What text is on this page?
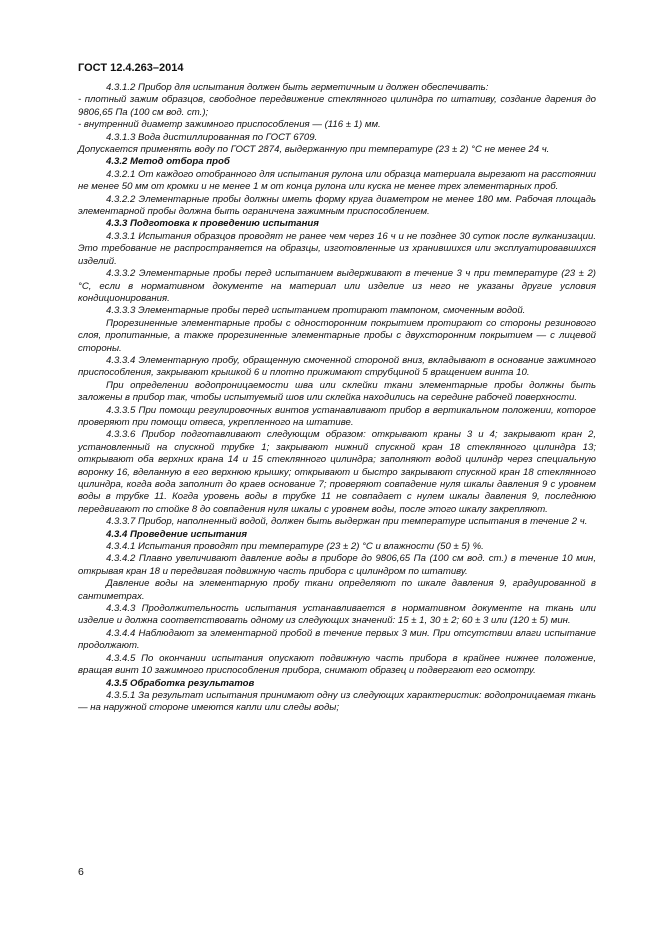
ГОСТ 12.4.263–2014

4.3.1.2 Прибор для испытания должен быть герметичным и должен обеспечивать:

- плотный зажим образцов, свободное передвижение стеклянного цилиндра по штативу, создание дарения до 9806,65 Па (100 см вод. ст.);

- внутренний диаметр зажимного приспособления — (116 ± 1) мм.

4.3.1.3 Вода дистиллированная по ГОСТ 6709.

Допускается применять воду по ГОСТ 2874, выдержанную при температуре (23 ± 2) °С не менее 24 ч.

4.3.2 Метод отбора проб

4.3.2.1 От каждого отобранного для испытания рулона или образца материала вырезают на расстоянии не менее 50 мм от кромки и не менее 1 м от конца рулона или куска не менее трех элементарных проб.

4.3.2.2 Элементарные пробы должны иметь форму круга диаметром не менее 180 мм. Рабочая площадь элементарной пробы должна быть ограничена зажимным приспособлением.

4.3.3 Подготовка к проведению испытания

4.3.3.1 Испытания образцов проводят не ранее чем через 16 ч и не позднее 30 суток после вулканизации. Это требование не распространяется на образцы, изготовленные из хранившихся или эксплуатировавшихся изделий.

4.3.3.2 Элементарные пробы перед испытанием выдерживают в течение 3 ч при температуре (23 ± 2) °С, если в нормативном документе на материал или изделие из него не указаны другие условия кондиционирования.

4.3.3.3 Элементарные пробы перед испытанием протирают тампоном, смоченным водой.

Прорезиненные элементарные пробы с односторонним покрытием протирают со стороны резинового слоя, пропитанные, а также прорезиненные элементарные пробы с двухсторонним покрытием — с лицевой стороны.

4.3.3.4 Элементарную пробу, обращенную смоченной стороной вниз, вкладывают в основание зажимного приспособления, закрывают крышкой 6 и плотно прижимают струбциной 5 вращением винта 10.

При определении водопроницаемости шва или склейки ткани элементарные пробы должны быть заложены в прибор так, чтобы испытуемый шов или склейка находились на середине рабочей поверхности.

4.3.3.5 При помощи регулировочных винтов устанавливают прибор в вертикальном положении, которое проверяют при помощи отвеса, укрепленного на штативе.

4.3.3.6 Прибор подготавливают следующим образом: открывают краны 3 и 4; закрывают кран 2, установленный на спускной трубке 1; закрывают нижний спускной кран 18 стеклянного цилиндра 13; открывают оба верхних крана 14 и 15 стеклянного цилиндра; заполняют водой цилиндр через специальную воронку 16, вделанную в его верхнюю крышку; открывают и быстро закрывают спускной кран 18 стеклянного цилиндра, когда вода заполнит до краев основание 7; проверяют совпадение нуля шкалы давления 9 с уровнем воды в трубке 11. Когда уровень воды в трубке 11 не совпадает с нулем шкалы давления 9, последнюю передвигают по стойке 8 до совпадения нуля шкалы с уровнем воды, после этого шкалу закрепляют.

4.3.3.7 Прибор, наполненный водой, должен быть выдержан при температуре испытания в течение 2 ч.

4.3.4 Проведение испытания

4.3.4.1 Испытания проводят при температуре (23 ± 2) °С и влажности (50 ± 5) %.

4.3.4.2 Плавно увеличивают давление воды в приборе до 9806,65 Па (100 см вод. ст.) в течение 10 мин, открывая кран 18 и передвигая подвижную часть прибора с цилиндром по штативу.

Давление воды на элементарную пробу ткани определяют по шкале давления 9, градуированной в сантиметрах.

4.3.4.3 Продолжительность испытания устанавливается в нормативном документе на ткань или изделие и должна соответствовать одному из следующих значений: 15 ± 1, 30 ± 2; 60 ± 3 или (120 ± 5) мин.

4.3.4.4 Наблюдают за элементарной пробой в течение первых 3 мин. При отсутствии влаги испытание продолжают.

4.3.4.5 По окончании испытания опускают подвижную часть прибора в крайнее нижнее положение, вращая винт 10 зажимного приспособления прибора, снимают образец и подвергают его осмотру.

4.3.5 Обработка результатов

4.3.5.1 За результат испытания принимают одну из следующих характеристик: водопроницаемая ткань — на наружной стороне имеются капли или следы воды;

6
